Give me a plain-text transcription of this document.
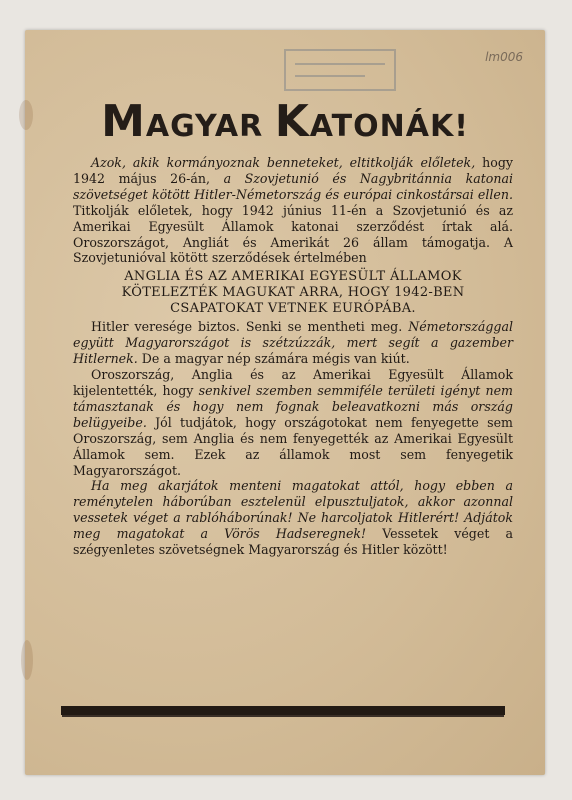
lm006
MAGYAR KATONÁK!

Azok, akik kormányoznak benneteket, eltitkolják előletek, hogy 1942 május 26-án, a Szovjetunió és Nagybritánnia katonai szövetséget kötött Hitler-Németország és európai cinkostársai ellen. Titkolják előletek, hogy 1942 június 11-én a Szovjetunió és az Amerikai Egyesült Államok katonai szerződést írtak alá. Oroszországot, Angliát és Amerikát 26 állam támogatja. A Szovjetunióval kötött szerződések értelmében

ANGLIA ÉS AZ AMERIKAI EGYESÜLT ÁLLAMOK
KÖTELEZTÉK MAGUKAT ARRA, HOGY 1942-BEN
CSAPATOKAT VETNEK EURÓPÁBA.

Hitler veresége biztos. Senki se mentheti meg. Németországgal együtt Magyarországot is szétzúzzák, mert segít a gazember Hitlernek. De a magyar nép számára mégis van kiút.

Oroszország, Anglia és az Amerikai Egyesült Államok kijelentették, hogy senkivel szemben semmiféle területi igényt nem támasztanak és hogy nem fognak beleavatkozni más ország belügyeibe. Jól tudjátok, hogy országotokat nem fenyegette sem Oroszország, sem Anglia és nem fenyegették az Amerikai Egyesült Államok sem. Ezek az államok most sem fenyegetik Magyarországot.

Ha meg akarjátok menteni magatokat attól, hogy ebben a reménytelen háborúban esztelenül elpusztuljatok, akkor azonnal vessetek véget a rablóháborúnak! Ne harcoljatok Hitlerért! Adjátok meg magatokat a Vörös Hadseregnek! Vessetek véget a szégyenletes szövetségnek Magyarország és Hitler között!
